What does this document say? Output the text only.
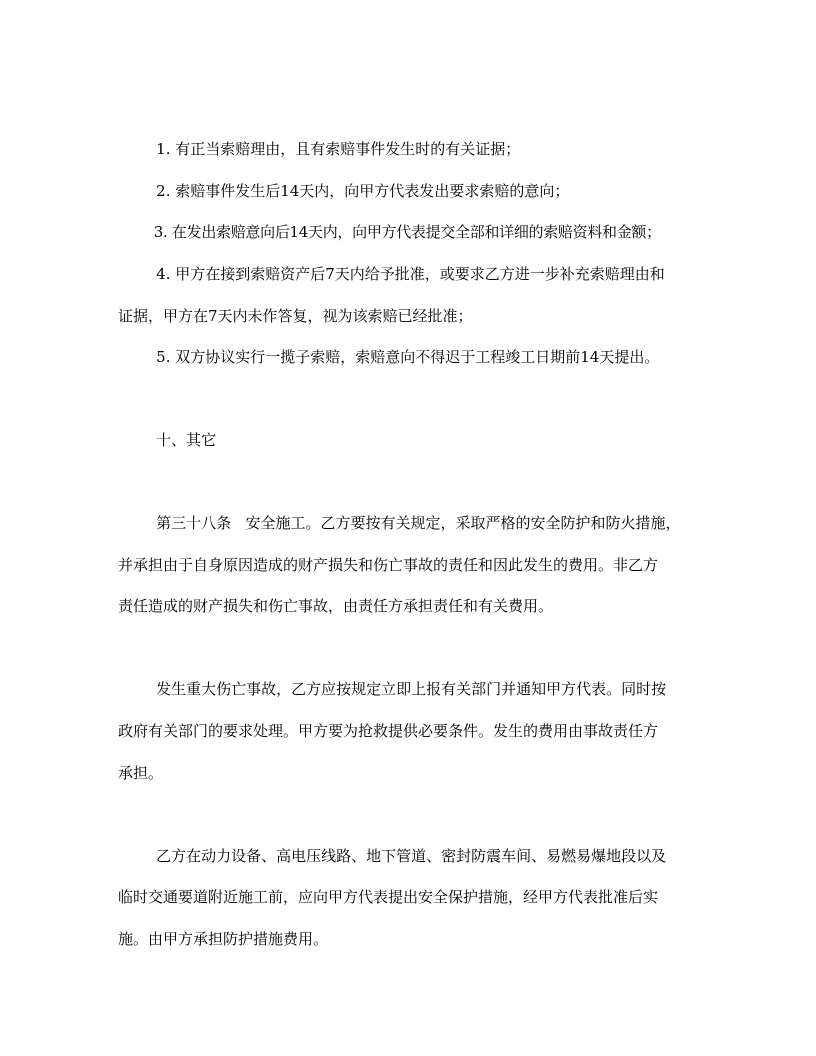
1. 有正当索赔理由，且有索赔事件发生时的有关证据；
2. 索赔事件发生后14天内，向甲方代表发出要求索赔的意向；
3. 在发出索赔意向后14天内，向甲方代表提交全部和详细的索赔资料和金额；
4. 甲方在接到索赔资产后7天内给予批准，或要求乙方进一步补充索赔理由和
证据，甲方在7天内未作答复，视为该索赔已经批准；
5. 双方协议实行一揽子索赔，索赔意向不得迟于工程竣工日期前14天提出。
十、其它
第三十八条   安全施工。乙方要按有关规定，采取严格的安全防护和防火措施，
并承担由于自身原因造成的财产损失和伤亡事故的责任和因此发生的费用。非乙方
责任造成的财产损失和伤亡事故，由责任方承担责任和有关费用。
发生重大伤亡事故，乙方应按规定立即上报有关部门并通知甲方代表。同时按
政府有关部门的要求处理。甲方要为抢救提供必要条件。发生的费用由事故责任方
承担。
乙方在动力设备、高电压线路、地下管道、密封防震车间、易燃易爆地段以及
临时交通要道附近施工前，应向甲方代表提出安全保护措施，经甲方代表批准后实
施。由甲方承担防护措施费用。
